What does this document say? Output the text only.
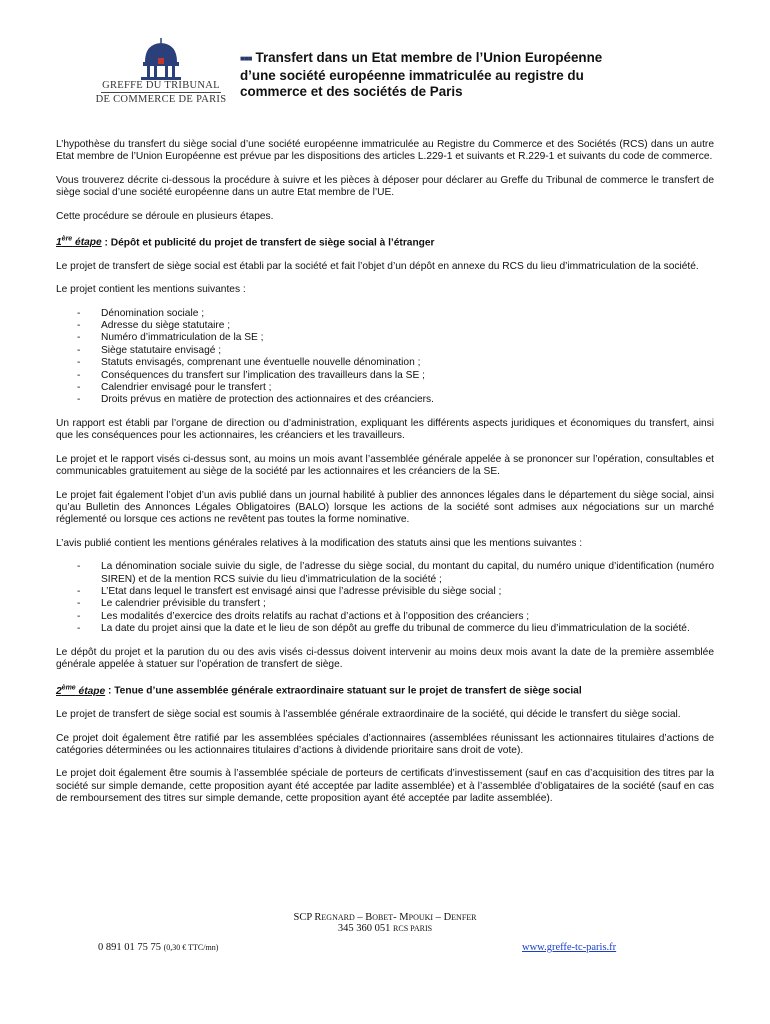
GREFFE DU TRIBUNAL
DE COMMERCE DE PARIS
■■■ Transfert dans un Etat membre de l’Union Européenne
d’une société européenne immatriculée au registre du
commerce et des sociétés de Paris

L’hypothèse du transfert du siège social d’une société européenne immatriculée au Registre du Commerce et des Sociétés (RCS) dans un autre Etat membre de l’Union Européenne est prévue par les dispositions des articles L.229-1 et suivants et R.229-1 et suivants du code de commerce.

Vous trouverez décrite ci-dessous la procédure à suivre et les pièces à déposer pour déclarer au Greffe du Tribunal de commerce le transfert de siège social d’une société européenne dans un autre Etat membre de l’UE.

Cette procédure se déroule en plusieurs étapes.

1ère étape : Dépôt et publicité du projet de transfert de siège social à l’étranger

Le projet de transfert de siège social est établi par la société et fait l’objet d’un dépôt en annexe du RCS du lieu d’immatriculation de la société.

Le projet contient les mentions suivantes :

- Dénomination sociale ;
- Adresse du siège statutaire ;
- Numéro d’immatriculation de la SE ;
- Siège statutaire envisagé ;
- Statuts envisagés, comprenant une éventuelle nouvelle dénomination ;
- Conséquences du transfert sur l’implication des travailleurs dans la SE ;
- Calendrier envisagé pour le transfert ;
- Droits prévus en matière de protection des actionnaires et des créanciers.

Un rapport est établi par l’organe de direction ou d’administration, expliquant les différents aspects juridiques et économiques du transfert, ainsi que les conséquences pour les actionnaires, les créanciers et les travailleurs.

Le projet et le rapport visés ci-dessus sont, au moins un mois avant l’assemblée générale appelée à se prononcer sur l’opération, consultables et communicables gratuitement au siège de la société par les actionnaires et les créanciers de la SE.

Le projet fait également l’objet d’un avis publié dans un journal habilité à publier des annonces légales dans le département du siège social, ainsi qu’au Bulletin des Annonces Légales Obligatoires (BALO) lorsque les actions de la société sont admises aux négociations sur un marché réglementé ou lorsque ces actions ne revêtent pas toutes la forme nominative.

L’avis publié contient les mentions générales relatives à la modification des statuts ainsi que les mentions suivantes :

- La dénomination sociale suivie du sigle, de l’adresse du siège social, du montant du capital, du numéro unique d’identification (numéro SIREN) et de la mention RCS suivie du lieu d’immatriculation de la société ;
- L’Etat dans lequel le transfert est envisagé ainsi que l’adresse prévisible du siège social ;
- Le calendrier prévisible du transfert ;
- Les modalités d’exercice des droits relatifs au rachat d’actions et à l’opposition des créanciers ;
- La date du projet ainsi que la date et le lieu de son dépôt au greffe du tribunal de commerce du lieu d’immatriculation de la société.

Le dépôt du projet et la parution du ou des avis visés ci-dessus doivent intervenir au moins deux mois avant la date de la première assemblée générale appelée à statuer sur l’opération de transfert de siège.

2ème étape : Tenue d’une assemblée générale extraordinaire statuant sur le projet de transfert de siège social

Le projet de transfert de siège social est soumis à l’assemblée générale extraordinaire de la société, qui décide le transfert du siège social.

Ce projet doit également être ratifié par les assemblées spéciales d’actionnaires (assemblées réunissant les actionnaires titulaires d’actions de catégories déterminées ou les actionnaires titulaires d’actions à dividende prioritaire sans droit de vote).

Le projet doit également être soumis à l’assemblée spéciale de porteurs de certificats d’investissement (sauf en cas d’acquisition des titres par la société sur simple demande, cette proposition ayant été acceptée par ladite assemblée) et à l’assemblée d’obligataires de la société (sauf en cas de remboursement des titres sur simple demande, cette proposition ayant été acceptée par ladite assemblée).

SCP REGNARD – BOBET- MPOUKI – DENFER
345 360 051 RCS PARIS
0 891 01 75 75 (0,30 € TTC/mn)	www.greffe-tc-paris.fr
